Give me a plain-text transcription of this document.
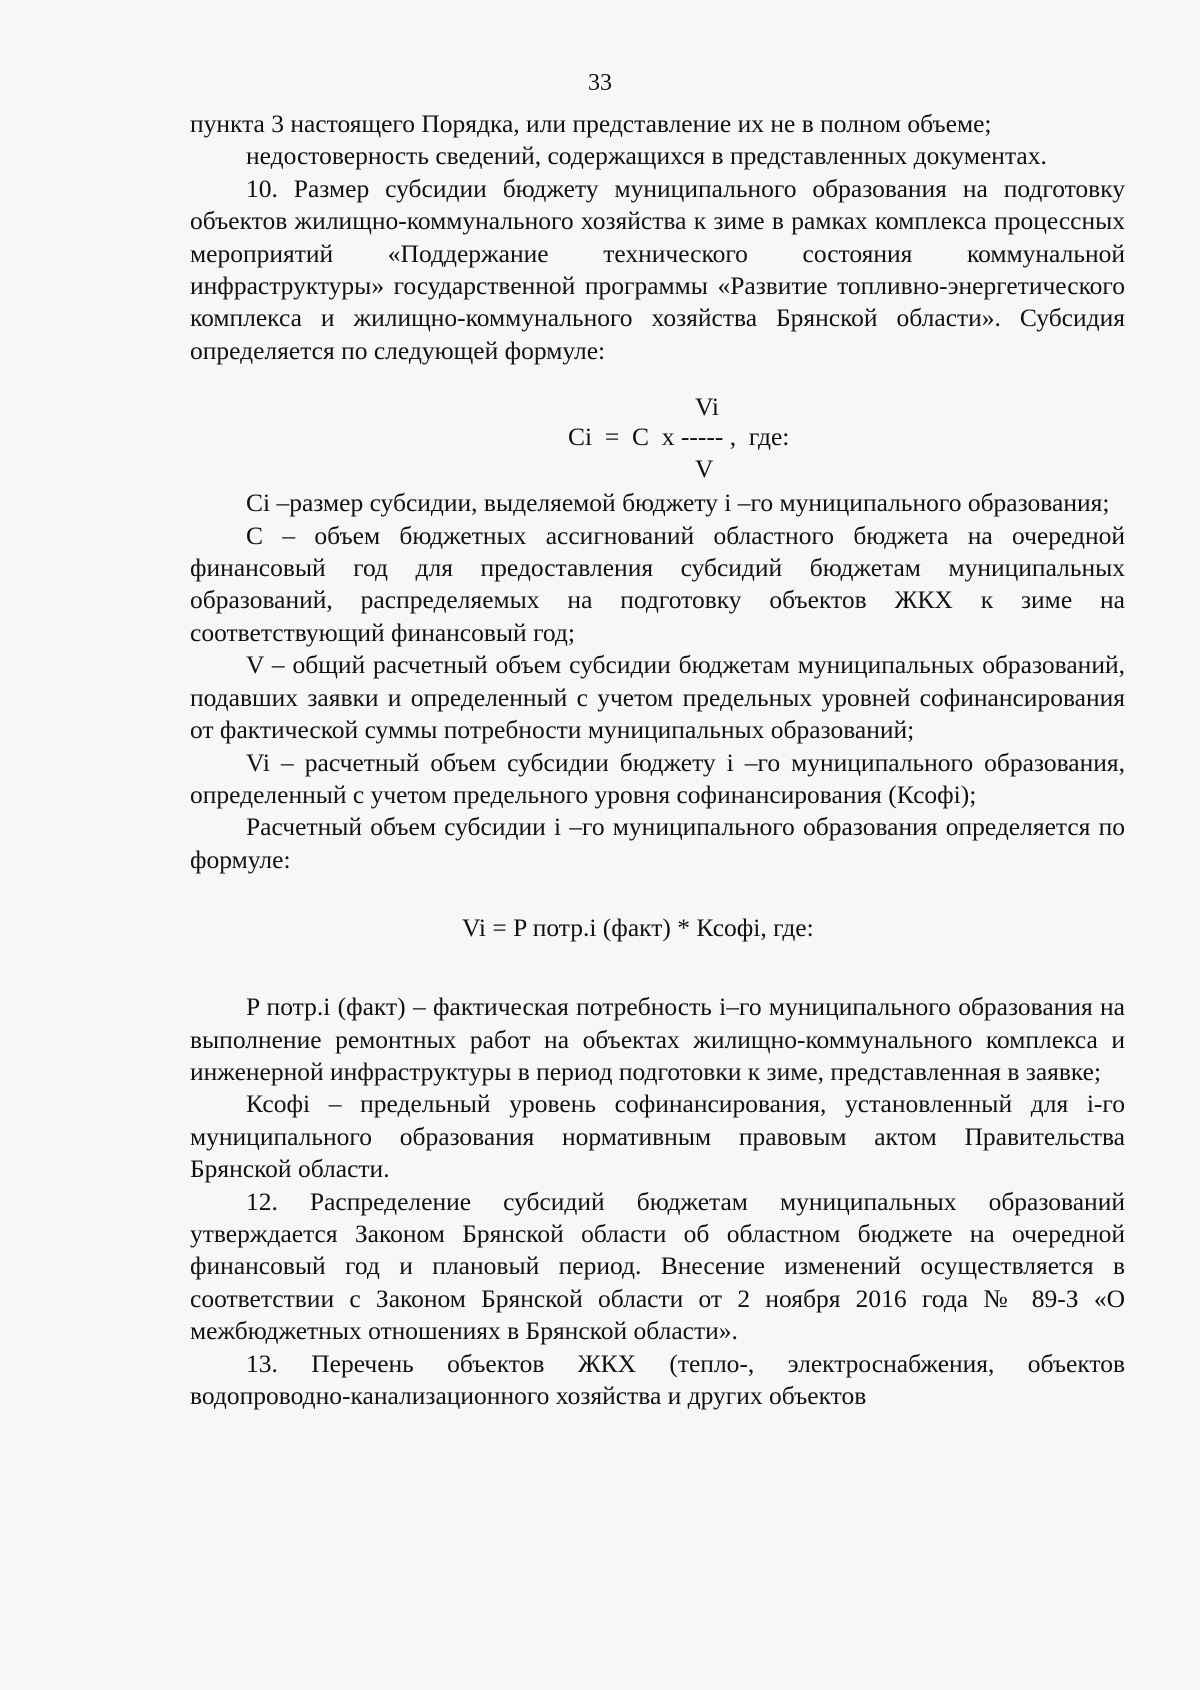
33

пункта 3 настоящего Порядка, или представление их не в полном объеме;

недостоверность сведений, содержащихся в представленных документах.

10. Размер субсидии бюджету муниципального образования на подготовку объектов жилищно-коммунального хозяйства к зиме в рамках комплекса процессных мероприятий «Поддержание технического состояния коммунальной инфраструктуры» государственной программы «Развитие топливно-энергетического комплекса и жилищно-коммунального хозяйства Брянской области». Субсидия определяется по следующей формуле:

Vi
Ci  =  C  x ----- ,  где:
V

Ci –размер субсидии, выделяемой бюджету i –го муниципального образования;

C – объем бюджетных ассигнований областного бюджета на очередной финансовый год для предоставления субсидий бюджетам муниципальных образований, распределяемых на подготовку объектов ЖКХ к зиме на соответствующий финансовый год;

V – общий расчетный объем субсидии бюджетам муниципальных образований, подавших заявки и определенный с учетом предельных уровней софинансирования от фактической суммы потребности муниципальных образований;

Vi – расчетный объем субсидии бюджету i –го муниципального образования, определенный с учетом предельного уровня софинансирования (Ксофi);

Расчетный объем субсидии i –го муниципального образования определяется по формуле:

Vi = P потр.i (факт) * Ксофi, где:

P потр.i (факт) – фактическая потребность i–го муниципального образования на выполнение ремонтных работ на объектах жилищно-коммунального комплекса и инженерной инфраструктуры в период подготовки к зиме, представленная в заявке;

Ксофi – предельный уровень софинансирования, установленный для i-го муниципального образования нормативным правовым актом Правительства Брянской области.

12. Распределение субсидий бюджетам муниципальных образований утверждается Законом Брянской области об областном бюджете на очередной финансовый год и плановый период. Внесение изменений осуществляется в соответствии с Законом Брянской области от 2 ноября 2016 года № 89-З «О межбюджетных отношениях в Брянской области».

13. Перечень объектов ЖКХ (тепло-, электроснабжения, объектов водопроводно-канализационного хозяйства и других объектов
